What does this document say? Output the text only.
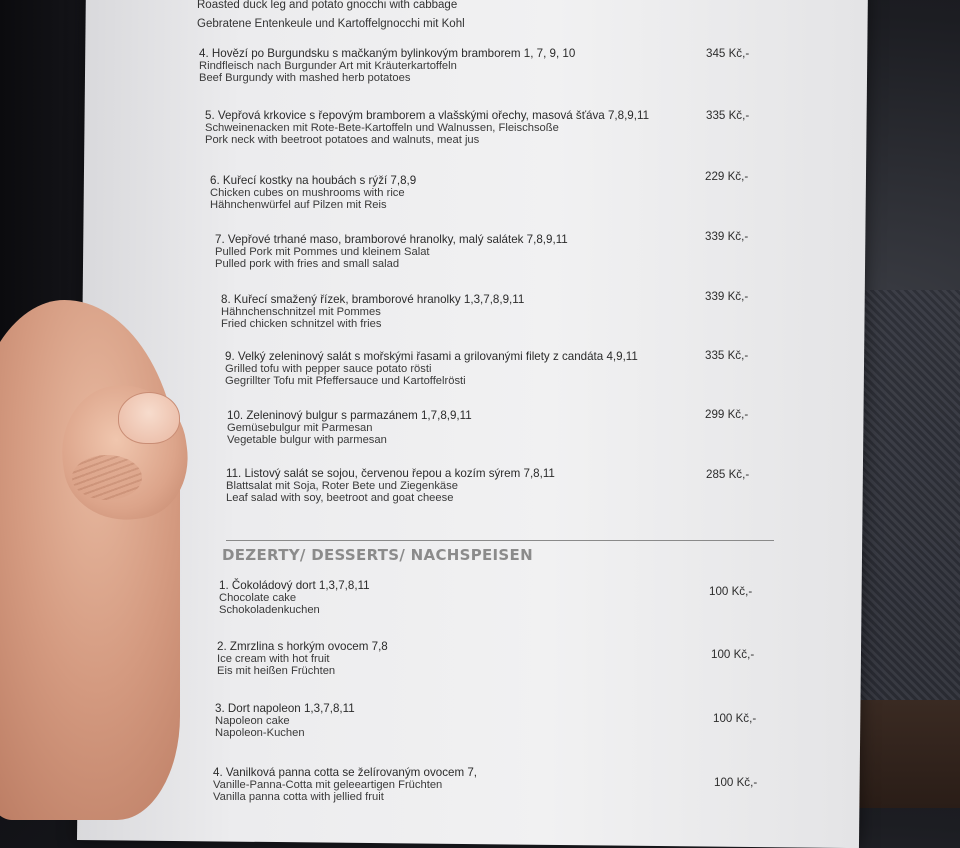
Roasted duck leg and potato gnocchi with cabbage
Gebratene Entenkeule und Kartoffelgnocchi mit Kohl
4. Hovězí po Burgundsku s mačkaným bylinkovým bramborem 1, 7, 9, 10
Rindfleisch nach Burgunder Art mit Kräuterkartoffeln
Beef Burgundy with mashed herb potatoes
345 Kč,-
5. Vepřová krkovice s řepovým bramborem a vlašskými ořechy, masová šťáva 7,8,9,11
Schweinenacken mit Rote-Bete-Kartoffeln und Walnussen, Fleischsoße
Pork neck with beetroot potatoes and walnuts, meat jus
335 Kč,-
6. Kuřecí kostky na houbách s rýží 7,8,9
Chicken cubes on mushrooms with rice
Hähnchenwürfel auf Pilzen mit Reis
229 Kč,-
7. Vepřové trhané maso, bramborové hranolky, malý salátek 7,8,9,11
Pulled Pork mit Pommes und kleinem Salat
Pulled pork with fries and small salad
339 Kč,-
8. Kuřecí smažený řízek, bramborové hranolky 1,3,7,8,9,11
Hähnchenschnitzel mit Pommes
Fried chicken schnitzel with fries
339 Kč,-
9. Velký zeleninový salát s mořskými řasami a grilovanými filety z candáta 4,9,11
Grilled tofu with pepper sauce potato rösti
Gegrillter Tofu mit Pfeffersauce und Kartoffelrösti
335 Kč,-
10. Zeleninový bulgur s parmazánem 1,7,8,9,11
Gemüsebulgur mit Parmesan
Vegetable bulgur with parmesan
299 Kč,-
11. Listový salát se sojou, červenou řepou a kozím sýrem 7,8,11
Blattsalat mit Soja, Roter Bete und Ziegenkäse
Leaf salad with soy, beetroot and goat cheese
285 Kč,-
DEZERTY/ DESSERTS/ NACHSPEISEN
1. Čokoládový dort 1,3,7,8,11
Chocolate cake
Schokoladenkuchen
100 Kč,-
2. Zmrzlina s horkým ovocem 7,8
Ice cream with hot fruit
Eis mit heißen Früchten
100 Kč,-
3. Dort napoleon 1,3,7,8,11
Napoleon cake
Napoleon-Kuchen
100 Kč,-
4. Vanilková panna cotta se želírovaným ovocem 7,
Vanille-Panna-Cotta mit geleeartigen Früchten
Vanilla panna cotta with jellied fruit
100 Kč,-
